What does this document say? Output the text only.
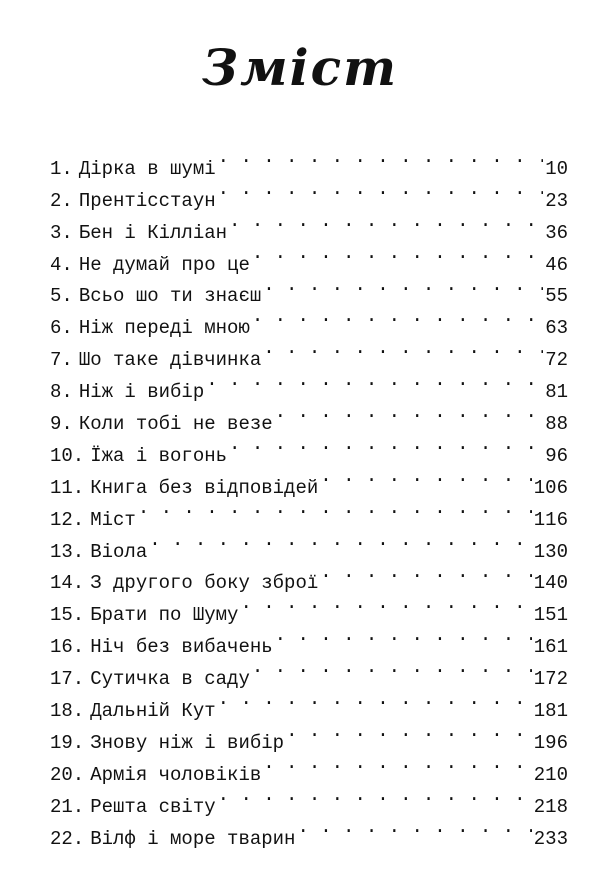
Зміст
1. Дірка в шумі . . .	10
2. Прентісстаун . . .	23
3. Бен і Кілліан . . .	36
4. Не думай про це . . .	46
5. Всьо шо ти знаєш . . .	55
6. Ніж переді мною . . .	63
7. Шо таке дівчинка . . .	72
8. Ніж і вибір . . .	81
9. Коли тобі не везе . . .	88
10. Їжа і вогонь . . .	96
11. Книга без відповідей . . .	106
12. Міст . . .	116
13. Віола . . .	130
14. З другого боку зброї . . .	140
15. Брати по Шуму . . .	151
16. Ніч без вибачень . . .	161
17. Сутичка в саду . . .	172
18. Дальній Кут . . .	181
19. Знову ніж і вибір . . .	196
20. Армія чоловіків . . .	210
21. Решта світу . . .	218
22. Вілф і море тварин . . .	233
